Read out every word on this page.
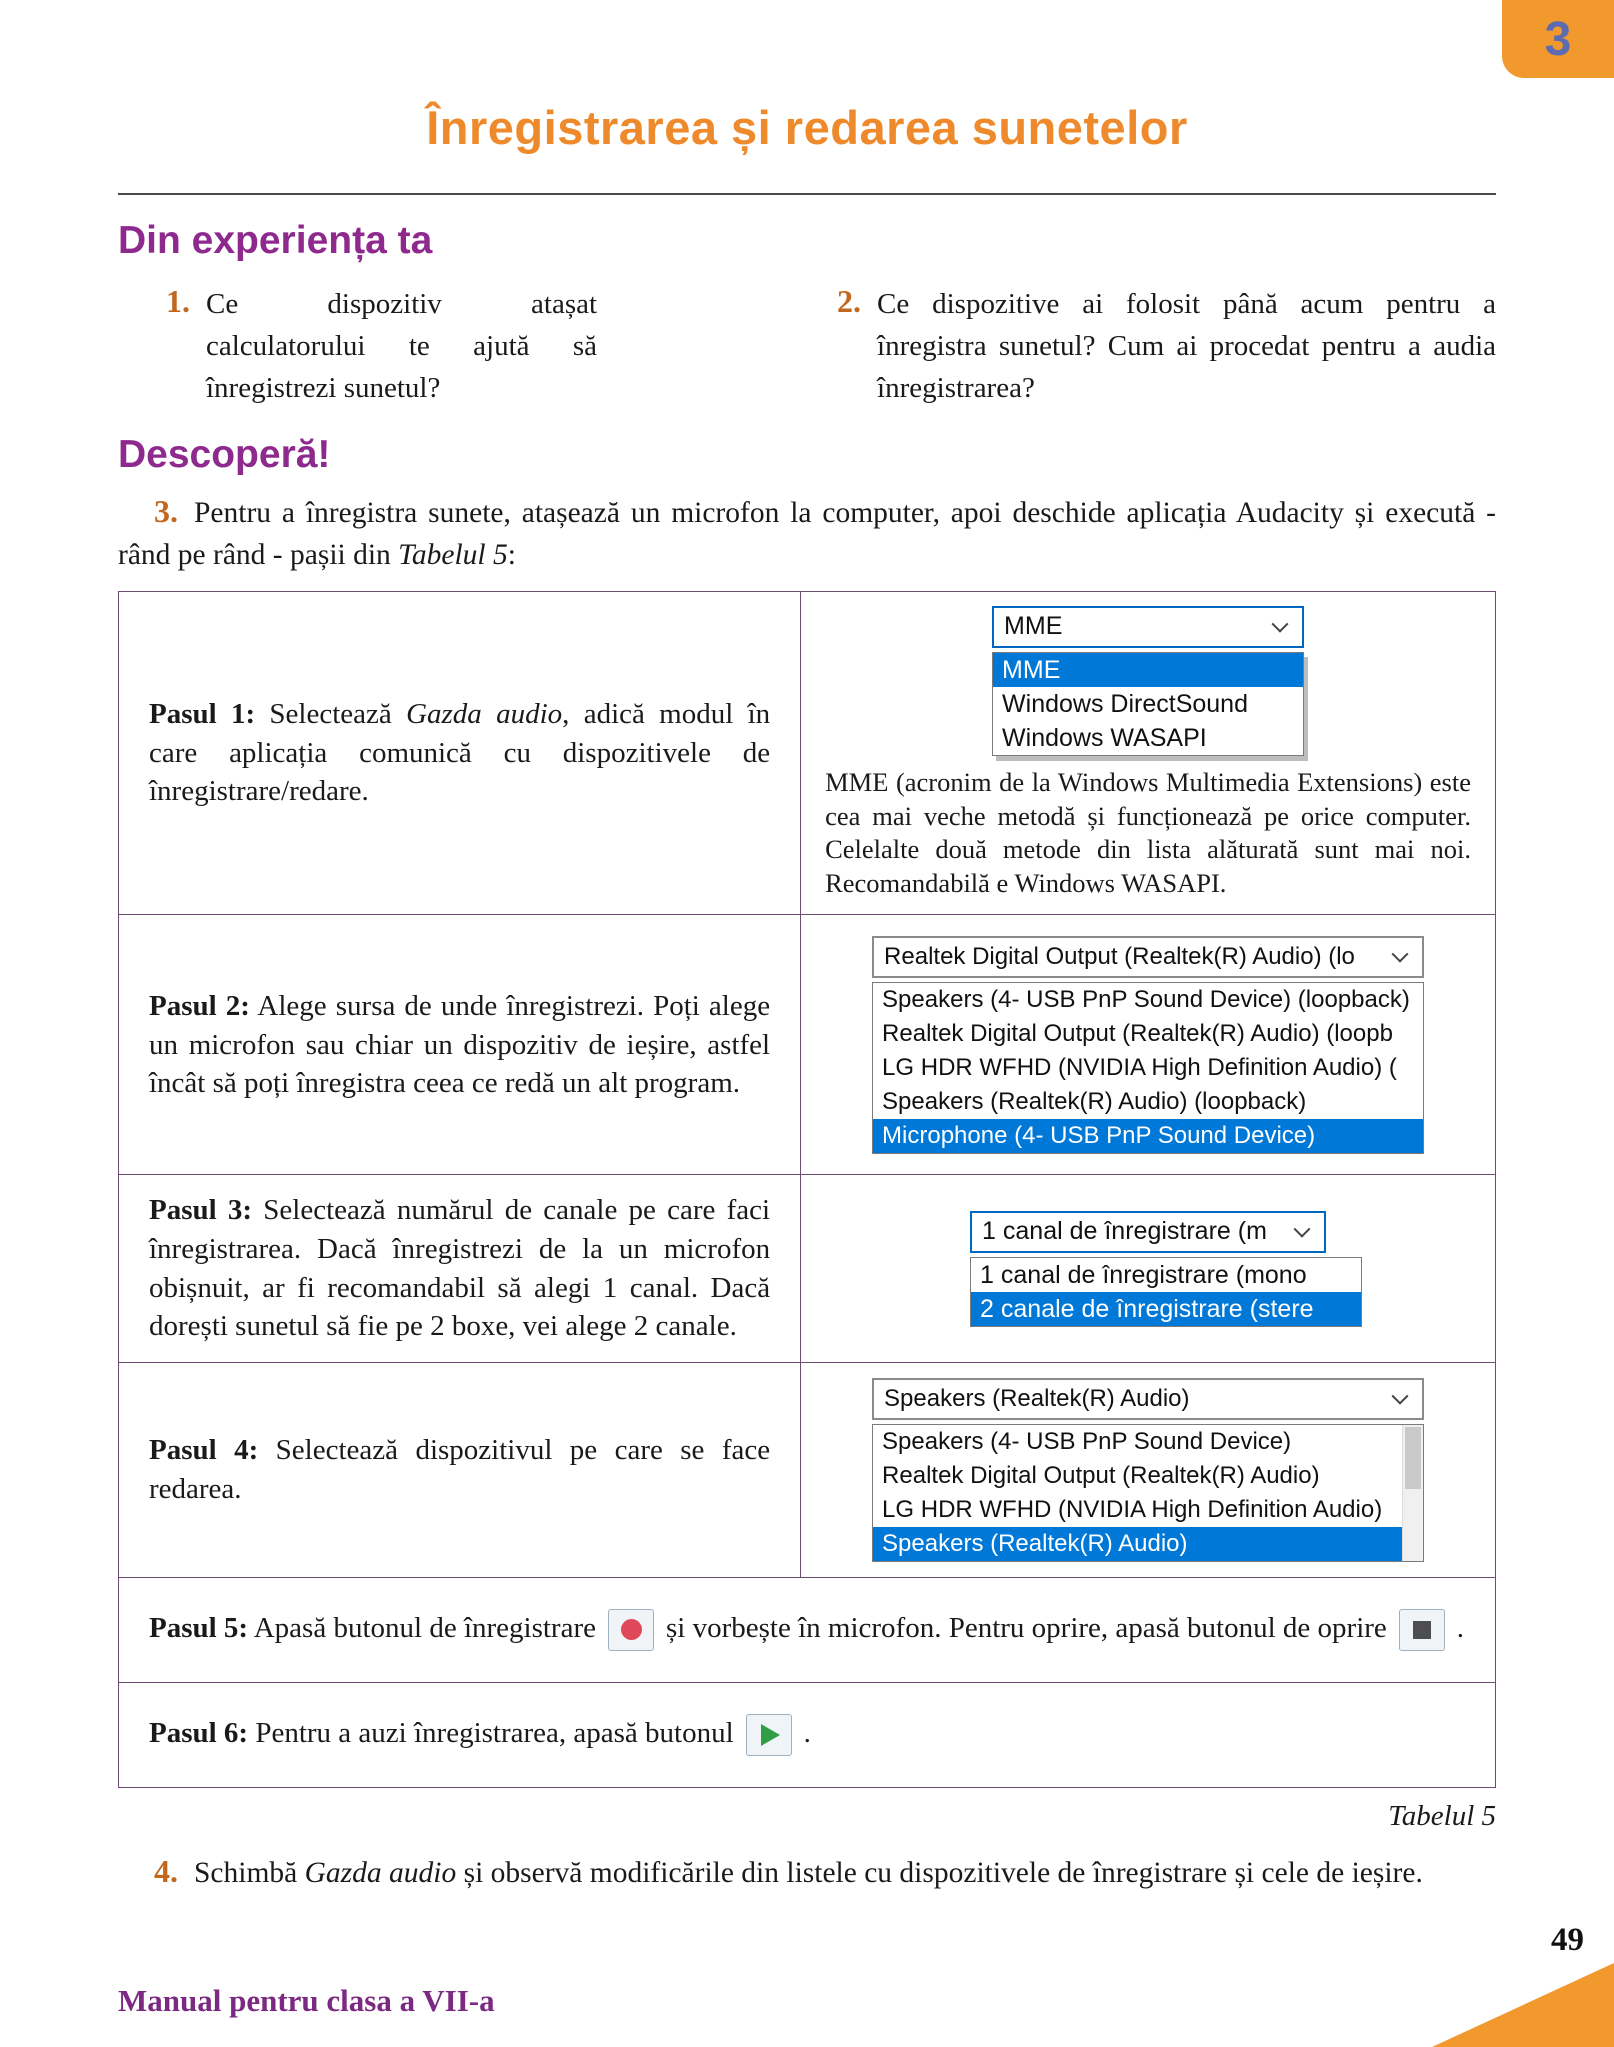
3
Înregistrarea și redarea sunetelor
Din experiența ta
1. Ce dispozitiv atașat calculatorului te ajută să înregistrezi sunetul?

2. Ce dispozitive ai folosit până acum pentru a înregistra sunetul? Cum ai procedat pentru a audia înregistrarea?

Descoperă!

3. Pentru a înregistra sunete, atașează un microfon la computer, apoi deschide aplicația Audacity și execută - rând pe rând - pașii din Tabelul 5:

Pasul 1: Selectează Gazda audio, adică modul în care aplicația comunică cu dispozitivele de înregistrare/redare.

MME
MME
Windows DirectSound
Windows WASAPI

MME (acronim de la Windows Multimedia Extensions) este cea mai veche metodă și funcționează pe orice computer. Celelalte două metode din lista alăturată sunt mai noi. Recomandabilă e Windows WASAPI.

Pasul 2: Alege sursa de unde înregistrezi. Poți alege un microfon sau chiar un dispozitiv de ieșire, astfel încât să poți înregistra ceea ce redă un alt program.

Realtek Digital Output (Realtek(R) Audio) (lo
Speakers (4- USB PnP Sound Device) (loopback)
Realtek Digital Output (Realtek(R) Audio) (loopb
LG HDR WFHD (NVIDIA High Definition Audio) (
Speakers (Realtek(R) Audio) (loopback)
Microphone (4- USB PnP Sound Device)

Pasul 3: Selectează numărul de canale pe care faci înregistrarea. Dacă înregistrezi de la un microfon obișnuit, ar fi recomandabil să alegi 1 canal. Dacă dorești sunetul să fie pe 2 boxe, vei alege 2 canale.

1 canal de înregistrare (m
1 canal de înregistrare (mono
2 canale de înregistrare (stere

Pasul 4: Selectează dispozitivul pe care se face redarea.

Speakers (Realtek(R) Audio)
Speakers (4- USB PnP Sound Device)
Realtek Digital Output (Realtek(R) Audio)
LG HDR WFHD (NVIDIA High Definition Audio)
Speakers (Realtek(R) Audio)

Pasul 5: Apasă butonul de înregistrare și vorbește în microfon. Pentru oprire, apasă butonul de oprire .

Pasul 6: Pentru a auzi înregistrarea, apasă butonul .

Tabelul 5

4. Schimbă Gazda audio și observă modificările din listele cu dispozitivele de înregistrare și cele de ieșire.

Manual pentru clasa a VII-a
49
